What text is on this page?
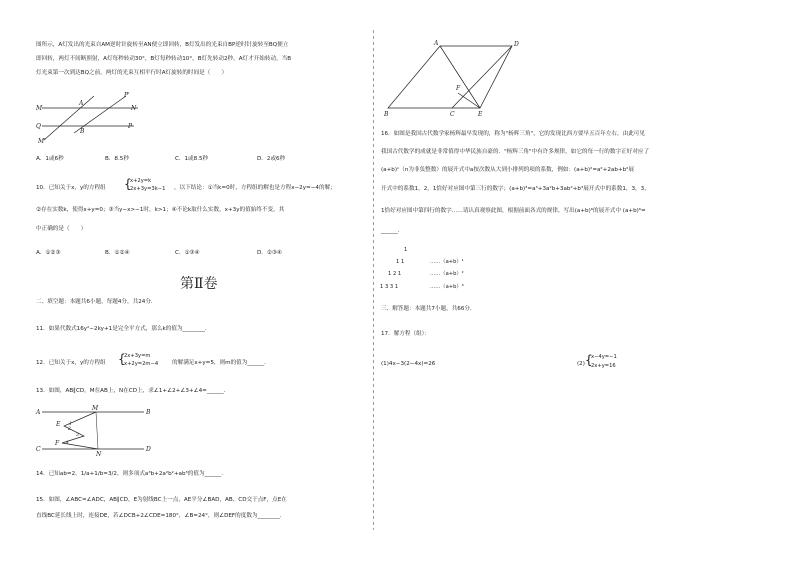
图所示，A灯发出的光束自AM逆时针旋转至AN便立即回转，B灯发出的光束自BP逆时针旋转至BQ便立
即回转，两灯不间断照射，A灯每秒转动30°，B灯每秒转动10°，B灯先转动2秒，A灯才开始转动，当B
灯光束第一次到达BQ之前，两灯的光束互相平行时A灯旋转的时间是（　　）
M
A
N
P'
Q
B
P
M'
A．1或6秒	B．8.5秒	C．1或8.5秒	D．2或6秒
10．已知关于x，y的方程组 {
x+2y=k
2x+3y=3k−1 ，以下结论：①当k=0时，方程组的解也是方程x−2y=−4的解；
②存在实数k，使得x+y=0；③当y−x>−1时，k>1；④不论k取什么实数，x+3y的值始终不变，其
中正确的是（　　）
A．①②③	B．①②④	C．①③④	D．②③④
第Ⅱ卷
二、填空题：本题共6小题，每题4分，共24分．
11．如果代数式16y²−2ky+1是完全平方式，那么k的值为________．
12．已知关于x，y的方程组 {
2x+3y=m
x+2y=2m−4 的解满足x+y=5，则m的值为______．
13．如图，AB∥CD，M在AB上，N在CD上，求∠1+∠2+∠3+∠4=______．
A
M
B
E 1
2
3
F 4
C
N
D
14．已知ab=2，1/a+1/b=3/2，则多项式a³b+2a²b²+ab³的值为______．
15．如图，∠ABC=∠ADC，AB∥CD，E为射线BC上一点，AE平分∠BAD，AB、CD交于点F，点E在
直线BC延长线上时，连接DE，若∠DCB+2∠CDE=180°，∠B=24°，则∠DEF的度数为________．
A	D
F
B	C	E
16．如图是我国古代数学家杨辉最早发现的，称为"杨辉三角"，它的发现比西方要早五百年左右，由此可见
我国古代数学的成就是非常值得中华民族自豪的．"杨辉三角"中有许多规律，如它的每一行的数字正好对应了
(a+b)ⁿ（n为非负整数）的展开式中a按次数从大到小排列的项的系数，例如：(a+b)²=a²+2ab+b²展
开式中的系数1，2，1恰好对应图中第三行的数字；(a+b)³=a³+3a²b+3ab²+b³展开式中的系数1，3，3，
1恰好对应图中第四行的数字……请认真观察此图，根据前面各式的规律，写出(a+b)⁶的展开式中 (a+b)⁶=
______．
1
1 1
1 2 1
1 3 3 1
……（a+b）¹
……（a+b）²
……（a+b）³
三、解答题：本题共7小题，共66分．
17．解方程（组）：
(1)4x−3(2−4x)=26	(2) {
x−4y=−1
2x+y=16
